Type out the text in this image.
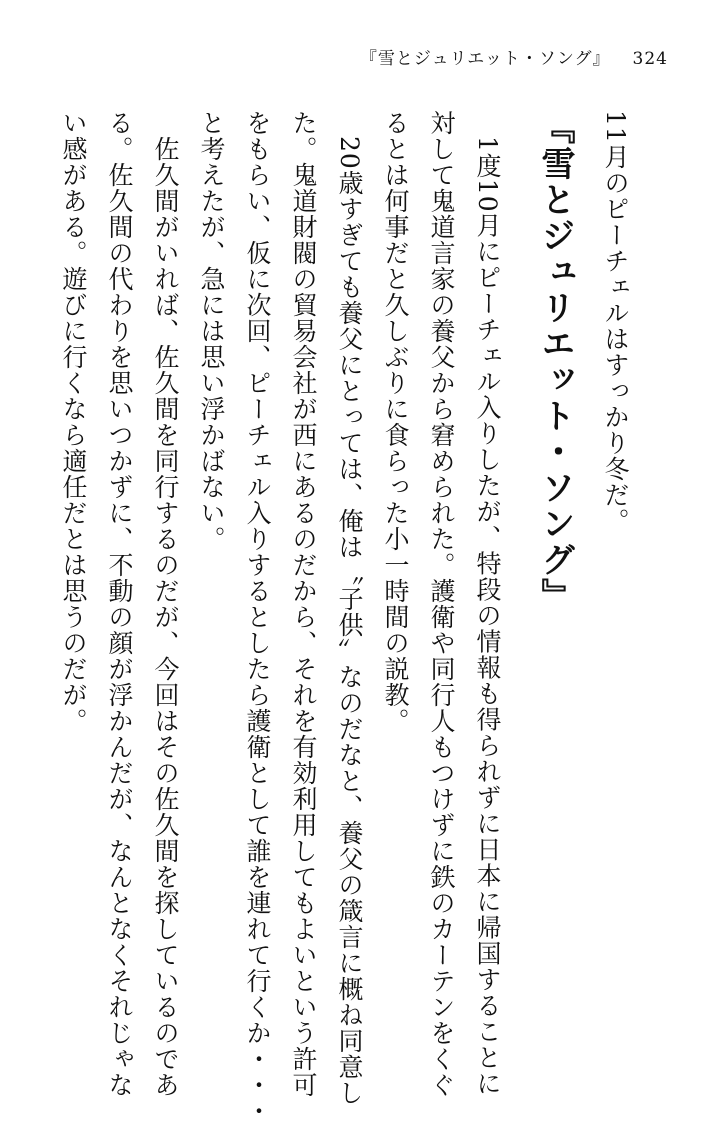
『雪とジュリエット・ソング』 324
11月のピーチェルはすっかり冬だ。
『雪とジュリエット・ソング』
　1度10月にピーチェル入りしたが、特段の情報も得られずに日本に帰国することに
対して鬼道言家の養父から窘められた。護衛や同行人もつけずに鉄のカーテンをくぐ
るとは何事だと久しぶりに食らった小一時間の説教。
　20歳すぎても養父にとっては、俺は〝子供〟なのだなと、養父の箴言に概ね同意し
た。鬼道財閥の貿易会社が西にあるのだから、それを有効利用してもよいという許可
をもらい、仮に次回、ピーチェル入りするとしたら護衛として誰を連れて行くか・・・
と考えたが、急には思い浮かばない。
　佐久間がいれば、佐久間を同行するのだが、今回はその佐久間を探しているのであ
る。佐久間の代わりを思いつかずに、不動の顔が浮かんだが、なんとなくそれじゃな
い感がある。遊びに行くなら適任だとは思うのだが。
